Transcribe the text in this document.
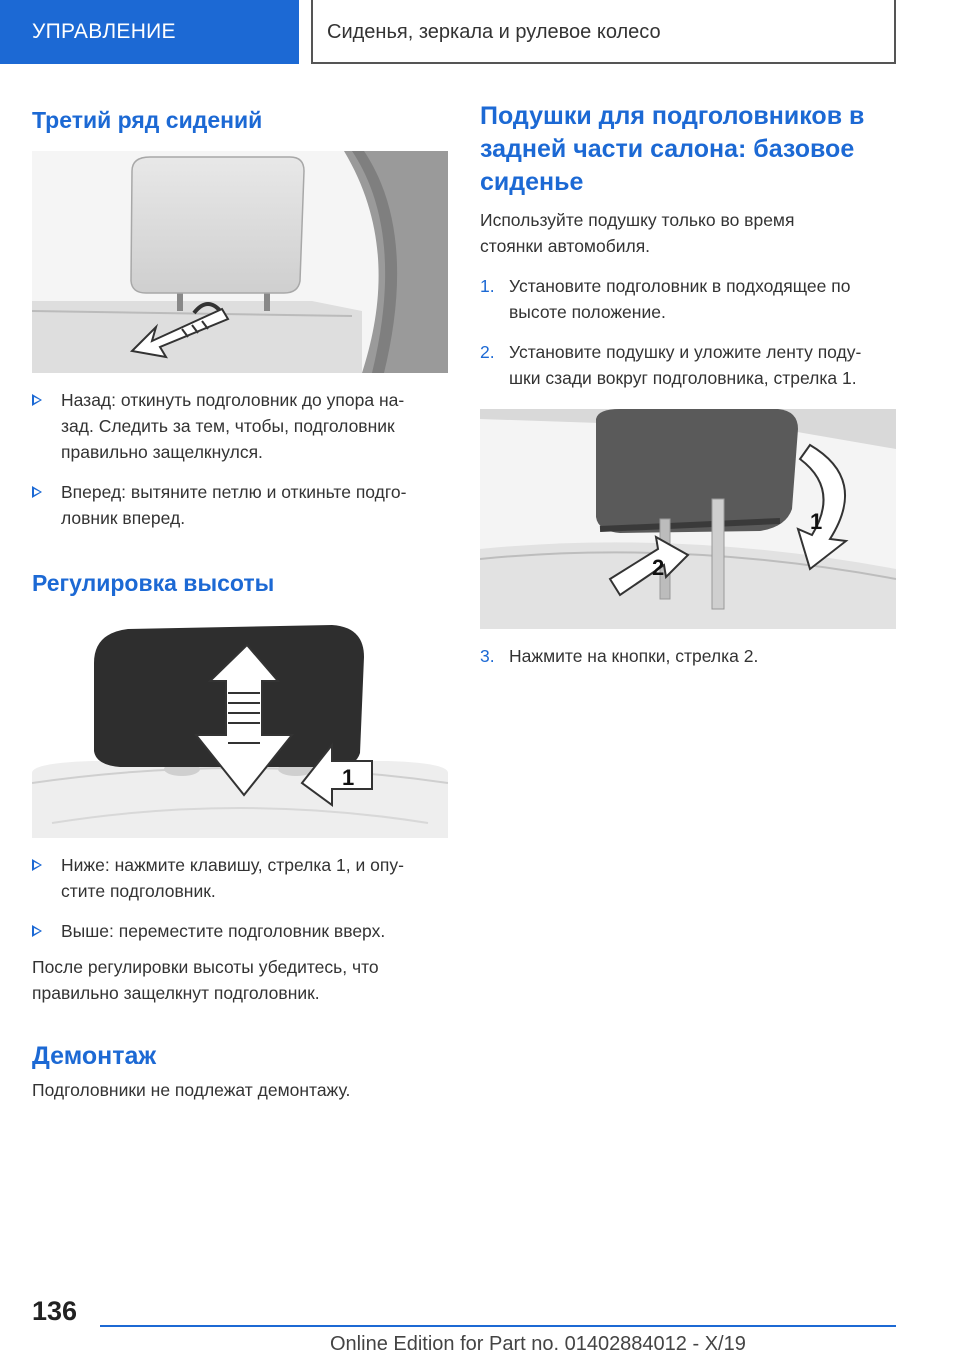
УПРАВЛЕНИЕ	Сиденья, зеркала и рулевое колесо
Третий ряд сидений
Назад: откинуть подголовник до упора на-
зад. Следить за тем, чтобы, подголовник
правильно защелкнулся.
Вперед: вытяните петлю и откиньте подго-
ловник вперед.
Регулировка высоты
1
Ниже: нажмите клавишу, стрелка 1, и опу-
стите подголовник.
Выше: переместите подголовник вверх.

После регулировки высоты убедитесь, что
правильно защелкнут подголовник.

Демонтаж

Подголовники не подлежат демонтажу.

Подушки для подголовников в
задней части салона: базовое
сиденье

Используйте подушку только во время
стоянки автомобиля.

1. Установите подголовник в подходящее по
высоте положение.
2. Установите подушку и уложите ленту поду-
шки сзади вокруг подголовника, стрелка 1.
1
2
3. Нажмите на кнопки, стрелка 2.
136
Online Edition for Part no. 01402884012 - X/19
